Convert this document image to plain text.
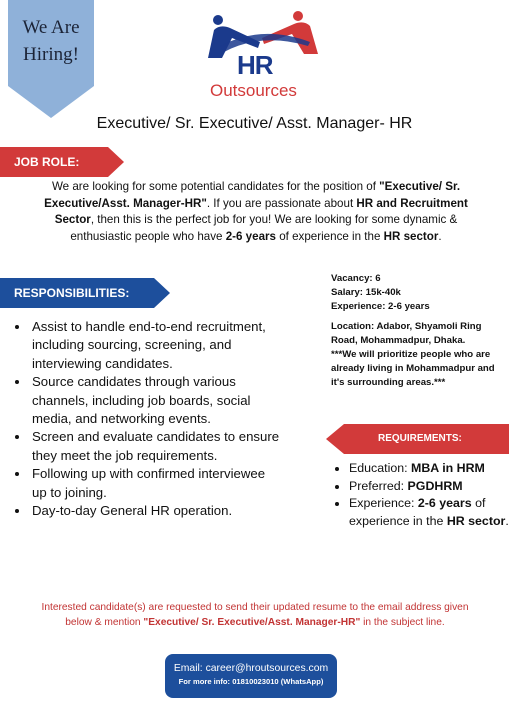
We Are
Hiring!	HR
Outsources
Executive/ Sr. Executive/ Asst. Manager- HR
JOB ROLE:
We are looking for some potential candidates for the position of "Executive/ Sr. Executive/Asst. Manager-HR". If you are passionate about HR and Recruitment Sector, then this is the perfect job for you! We are looking for some dynamic & enthusiastic people who have 2-6 years of experience in the HR sector.
RESPONSIBILITIES:
• Assist to handle end-to-end recruitment, including sourcing, screening, and interviewing candidates.
• Source candidates through various channels, including job boards, social media, and networking events.
• Screen and evaluate candidates to ensure they meet the job requirements.
• Following up with confirmed interviewee up to joining.
• Day-to-day General HR operation.
Vacancy: 6
Salary: 15k-40k
Experience: 2-6 years
Location: Adabor, Shyamoli Ring Road, Mohammadpur, Dhaka.
***We will prioritize people who are already living in Mohammadpur and it's surrounding areas.***
REQUIREMENTS:
• Education: MBA in HRM
• Preferred: PGDHRM
• Experience: 2-6 years of experience in the HR sector.
Interested candidate(s) are requested to send their updated resume to the email address given below & mention "Executive/ Sr. Executive/Asst. Manager-HR" in the subject line.
Email: career@hroutsources.com
For more info: 01810023010 (WhatsApp)
